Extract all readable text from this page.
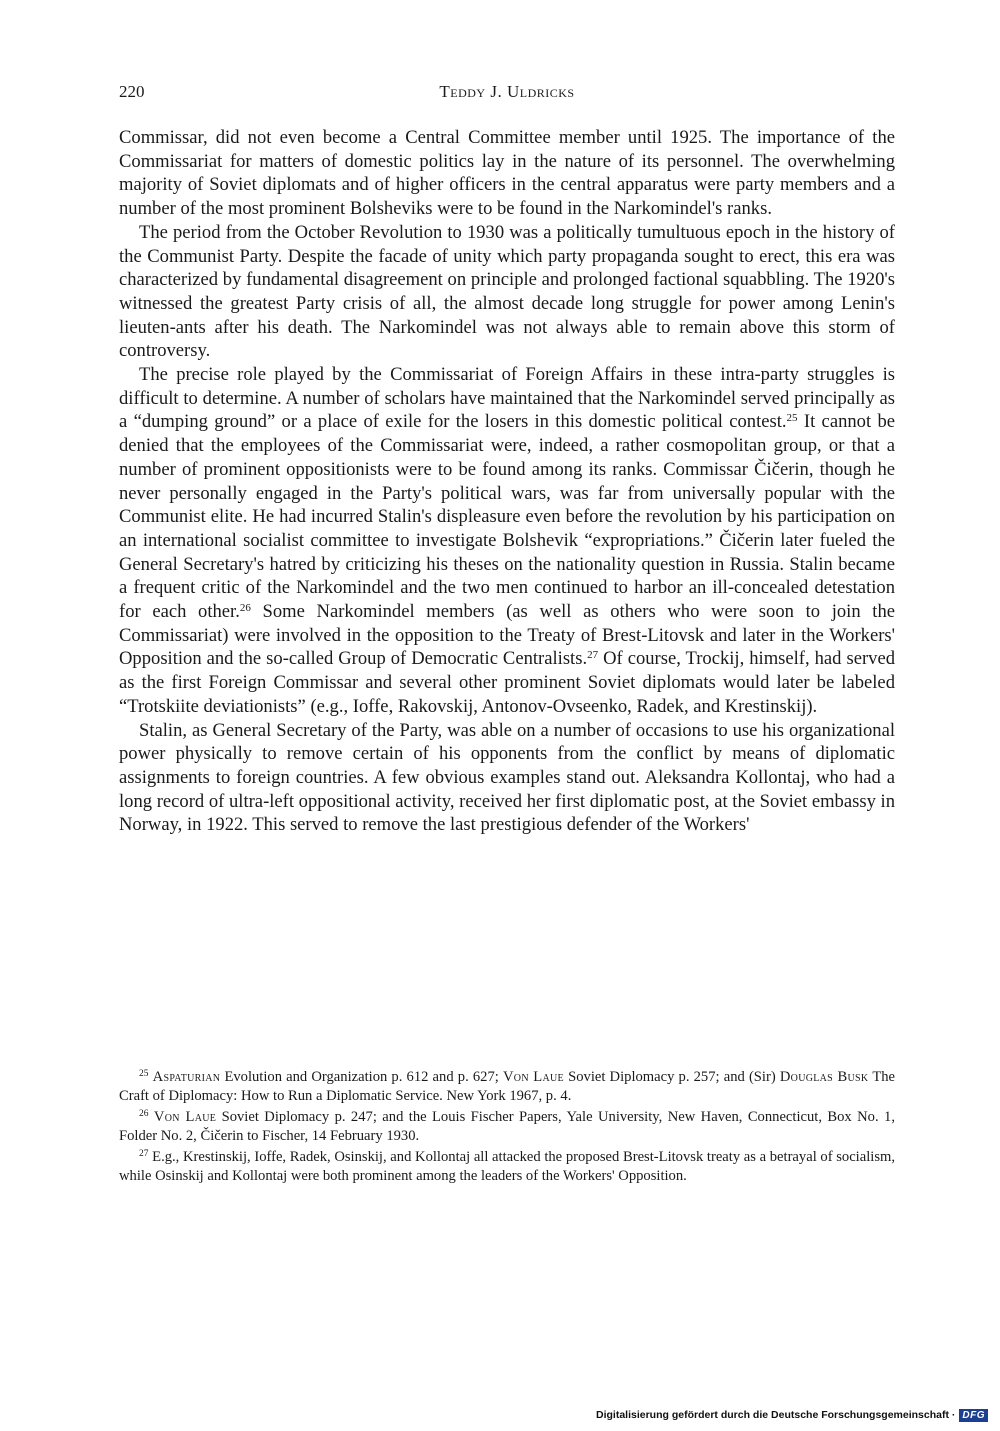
220	Teddy J. Uldricks

Commissar, did not even become a Central Committee member until 1925. The importance of the Commissariat for matters of domestic politics lay in the nature of its personnel. The overwhelming majority of Soviet diplomats and of higher officers in the central apparatus were party members and a number of the most prominent Bolsheviks were to be found in the Narkomindel's ranks.

The period from the October Revolution to 1930 was a politically tumultuous epoch in the history of the Communist Party. Despite the facade of unity which party propaganda sought to erect, this era was characterized by fundamental disagreement on principle and prolonged factional squabbling. The 1920's witnessed the greatest Party crisis of all, the almost decade long struggle for power among Lenin's lieuten-ants after his death. The Narkomindel was not always able to remain above this storm of controversy.

The precise role played by the Commissariat of Foreign Affairs in these intra-party struggles is difficult to determine. A number of scholars have maintained that the Narkomindel served principally as a “dumping ground” or a place of exile for the losers in this domestic political contest.$^{25}$ It cannot be denied that the employees of the Commissariat were, indeed, a rather cosmopolitan group, or that a number of prominent oppositionists were to be found among its ranks. Commissar Čičerin, though he never personally engaged in the Party's political wars, was far from universally popular with the Communist elite. He had incurred Stalin's displeasure even before the revolution by his participation on an international socialist committee to investigate Bolshevik “expropriations.” Čičerin later fueled the General Secretary's hatred by criticizing his theses on the nationality question in Russia. Stalin became a frequent critic of the Narkomindel and the two men continued to harbor an ill-concealed detestation for each other.$^{26}$ Some Narkomindel members (as well as others who were soon to join the Commissariat) were involved in the opposition to the Treaty of Brest-Litovsk and later in the Workers' Opposition and the so-called Group of Democratic Centralists.$^{27}$ Of course, Trockij, himself, had served as the first Foreign Commissar and several other prominent Soviet diplomats would later be labeled “Trotskiite deviationists” (e.g., Ioffe, Rakovskij, Antonov-Ovseenko, Radek, and Krestinskij).

Stalin, as General Secretary of the Party, was able on a number of occasions to use his organizational power physically to remove certain of his opponents from the conflict by means of diplomatic assignments to foreign countries. A few obvious examples stand out. Aleksandra Kollontaj, who had a long record of ultra-left oppositional activity, received her first diplomatic post, at the Soviet embassy in Norway, in 1922. This served to remove the last prestigious defender of the Workers'

$^{25}$ Aspaturian Evolution and Organization p. 612 and p. 627; Von Laue Soviet Diplomacy p. 257; and (Sir) Douglas Busk The Craft of Diplomacy: How to Run a Diplomatic Service. New York 1967, p. 4.

$^{26}$ Von Laue Soviet Diplomacy p. 247; and the Louis Fischer Papers, Yale University, New Haven, Connecticut, Box No. 1, Folder No. 2, Čičerin to Fischer, 14 February 1930.

$^{27}$ E.g., Krestinskij, Ioffe, Radek, Osinskij, and Kollontaj all attacked the proposed Brest-Litovsk treaty as a betrayal of socialism, while Osinskij and Kollontaj were both prominent among the leaders of the Workers' Opposition.

Digitalisierung gefördert durch die Deutsche Forschungsgemeinschaft · DFG
